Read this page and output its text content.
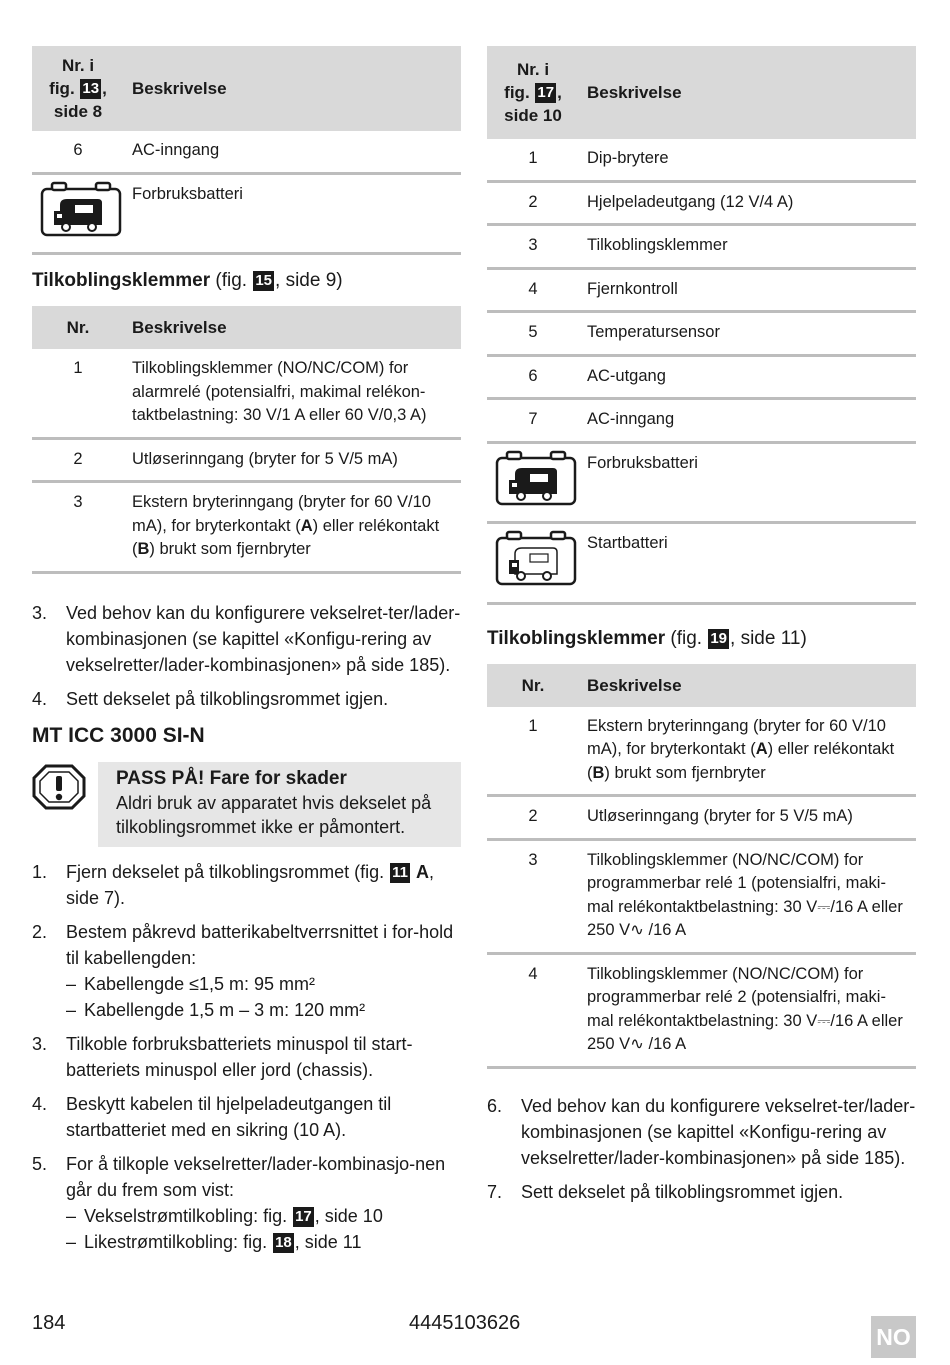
Nr. i
fig. 13 ,
side 8	Beskrivelse
6	AC-inngang
	Forbruksbatteri
Tilkoblingsklemmer (fig. 15 , side 9)
Nr.	Beskrivelse
1	Tilkoblingsklemmer (NO/NC/COM) for alarmrelé (potensialfri, makimal relékon-taktbelastning: 30 V/1 A eller 60 V/0,3 A)
2	Utløserinngang (bryter for 5 V/5 mA)
3	Ekstern bryterinngang (bryter for 60 V/10 mA), for bryterkontakt (A) eller relékontakt (B) brukt som fjernbryter
3. Ved behov kan du konfigurere vekselret-ter/lader-kombinasjonen (se kapittel «Konfigu-rering av vekselretter/lader-kombinasjonen» på side 185).
4. Sett dekselet på tilkoblingsrommet igjen.
MT ICC 3000 SI-N
PASS PÅ! Fare for skader
Aldri bruk av apparatet hvis dekselet på tilkoblingsrommet ikke er påmontert.
1. Fjern dekselet på tilkoblingsrommet (fig. 11 A, side 7).
2. Bestem påkrevd batterikabeltverrsnittet i for-hold til kabellengden:
– Kabellengde ≤1,5 m: 95 mm²
– Kabellengde 1,5 m – 3 m: 120 mm²
3. Tilkoble forbruksbatteriets minuspol til start-batteriets minuspol eller jord (chassis).
4. Beskytt kabelen til hjelpeladeutgangen til startbatteriet med en sikring (10 A).
5. For å tilkople vekselretter/lader-kombinasjo-nen går du frem som vist:
– Vekselstrømtilkobling: fig. 17 , side 10
– Likestrømtilkobling: fig. 18 , side 11
Nr. i
fig. 17 ,
side 10	Beskrivelse
1	Dip-brytere
2	Hjelpeladeutgang (12 V/4 A)
3	Tilkoblingsklemmer
4	Fjernkontroll
5	Temperatursensor
6	AC-utgang
7	AC-inngang
	Forbruksbatteri
	Startbatteri
Tilkoblingsklemmer (fig. 19 , side 11)
Nr.	Beskrivelse
1	Ekstern bryterinngang (bryter for 60 V/10 mA), for bryterkontakt (A) eller relékontakt (B) brukt som fjernbryter
2	Utløserinngang (bryter for 5 V/5 mA)
3	Tilkoblingsklemmer (NO/NC/COM) for programmerbar relé 1 (potensialfri, maki-mal relékontaktbelastning: 30 V⎓/16 A eller 250 V∿ /16 A
4	Tilkoblingsklemmer (NO/NC/COM) for programmerbar relé 2 (potensialfri, maki-mal relékontaktbelastning: 30 V⎓/16 A eller 250 V∿ /16 A
6. Ved behov kan du konfigurere vekselret-ter/lader-kombinasjonen (se kapittel «Konfigu-rering av vekselretter/lader-kombinasjonen» på side 185).
7. Sett dekselet på tilkoblingsrommet igjen.
184	4445103626
NO
